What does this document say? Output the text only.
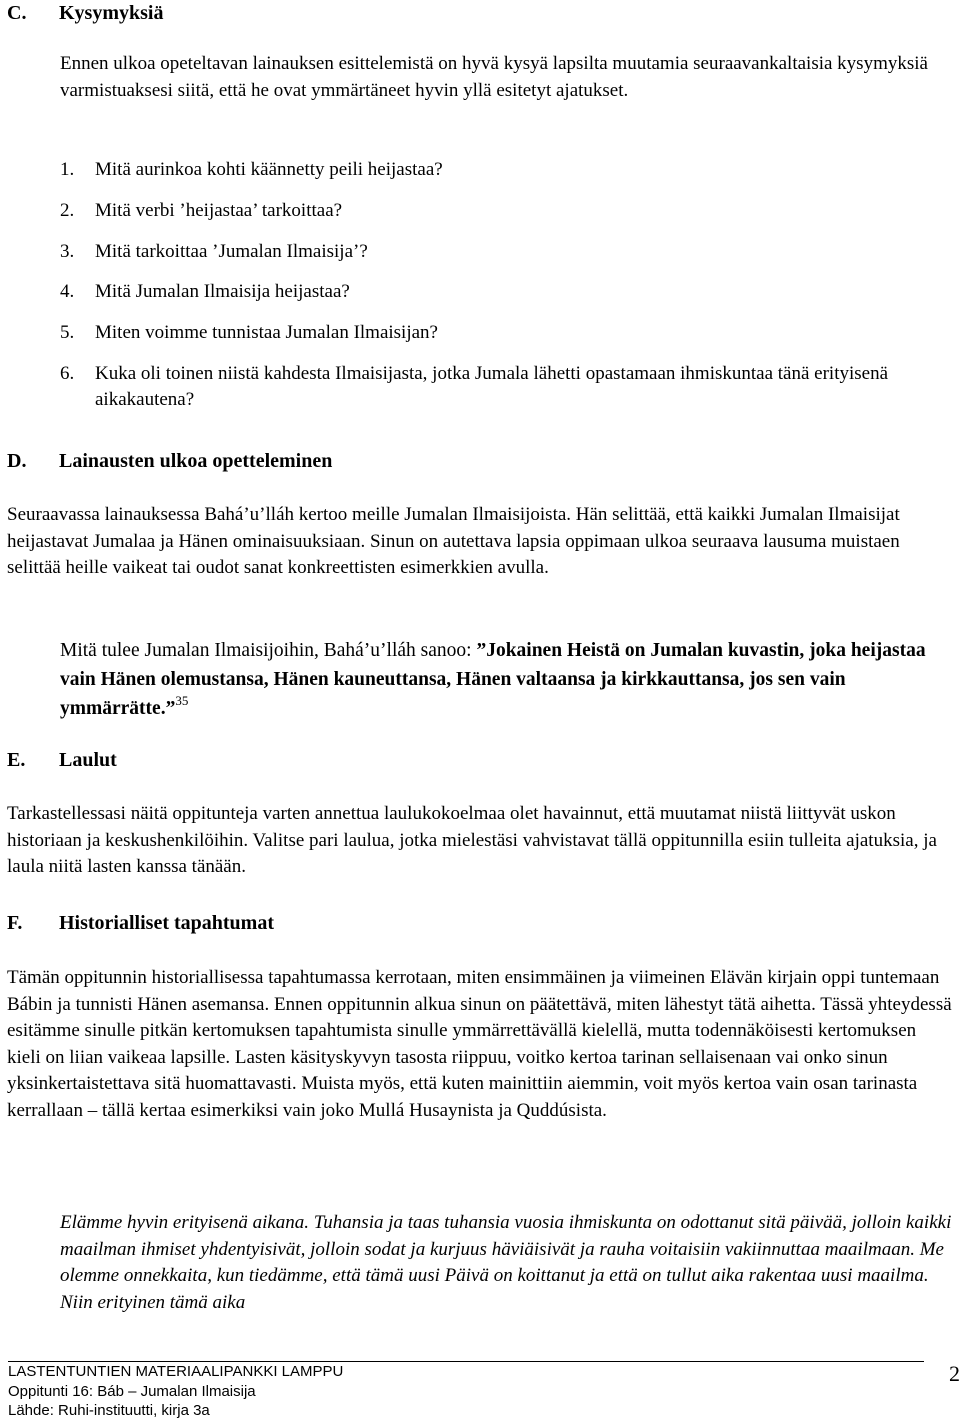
C. Kysymyksiä

Ennen ulkoa opeteltavan lainauksen esittelemistä on hyvä kysyä lapsilta muutamia seuraavankaltaisia kysymyksiä varmistuaksesi siitä, että he ovat ymmärtäneet hyvin yllä esitetyt ajatukset.

1. Mitä aurinkoa kohti käännetty peili heijastaa?
2. Mitä verbi ’heijastaa’ tarkoittaa?
3. Mitä tarkoittaa ’Jumalan Ilmaisija’?
4. Mitä Jumalan Ilmaisija heijastaa?
5. Miten voimme tunnistaa Jumalan Ilmaisijan?
6. Kuka oli toinen niistä kahdesta Ilmaisijasta, jotka Jumala lähetti opastamaan ihmiskuntaa tänä erityisenä aikakautena?
D. Lainausten ulkoa opetteleminen

Seuraavassa lainauksessa Bahá’u’lláh kertoo meille Jumalan Ilmaisijoista. Hän selittää, että kaikki Jumalan Ilmaisijat heijastavat Jumalaa ja Hänen ominaisuuksiaan. Sinun on autettava lapsia oppimaan ulkoa seuraava lausuma muistaen selittää heille vaikeat tai oudot sanat konkreettisten esimerkkien avulla.

Mitä tulee Jumalan Ilmaisijoihin, Bahá’u’lláh sanoo: ”Jokainen Heistä on Jumalan kuvastin, joka heijastaa vain Hänen olemustansa, Hänen kauneuttansa, Hänen valtaansa ja kirkkauttansa, jos sen vain ymmärrätte.”$^{35}$

E. Laulut

Tarkastellessasi näitä oppitunteja varten annettua laulukokoelmaa olet havainnut, että muutamat niistä liittyvät uskon historiaan ja keskushenkilöihin. Valitse pari laulua, jotka mielestäsi vahvistavat tällä oppitunnilla esiin tulleita ajatuksia, ja laula niitä lasten kanssa tänään.

F. Historialliset tapahtumat

Tämän oppitunnin historiallisessa tapahtumassa kerrotaan, miten ensimmäinen ja viimeinen Elävän kirjain oppi tuntemaan Bábin ja tunnisti Hänen asemansa. Ennen oppitunnin alkua sinun on päätettävä, miten lähestyt tätä aihetta. Tässä yhteydessä esitämme sinulle pitkän kertomuksen tapahtumista sinulle ymmärrettävällä kielellä, mutta todennäköisesti kertomuksen kieli on liian vaikeaa lapsille. Lasten käsityskyvyn tasosta riippuu, voitko kertoa tarinan sellaisenaan vai onko sinun yksinkertaistettava sitä huomattavasti. Muista myös, että kuten mainittiin aiemmin, voit myös kertoa vain osan tarinasta kerrallaan – tällä kertaa esimerkiksi vain joko Mullá Husaynista ja Quddúsista.

Elämme hyvin erityisenä aikana. Tuhansia ja taas tuhansia vuosia ihmiskunta on odottanut sitä päivää, jolloin kaikki maailman ihmiset yhdentyisivät, jolloin sodat ja kurjuus häviäisivät ja rauha voitaisiin vakiinnuttaa maailmaan. Me olemme onnekkaita, kun tiedämme, että tämä uusi Päivä on koittanut ja että on tullut aika rakentaa uusi maailma. Niin erityinen tämä aika

LASTENTUNTIEN MATERIAALIPANKKI LAMPPU
Oppitunti 16: Báb – Jumalan Ilmaisija
Lähde: Ruhi-instituutti, kirja 3a
2
